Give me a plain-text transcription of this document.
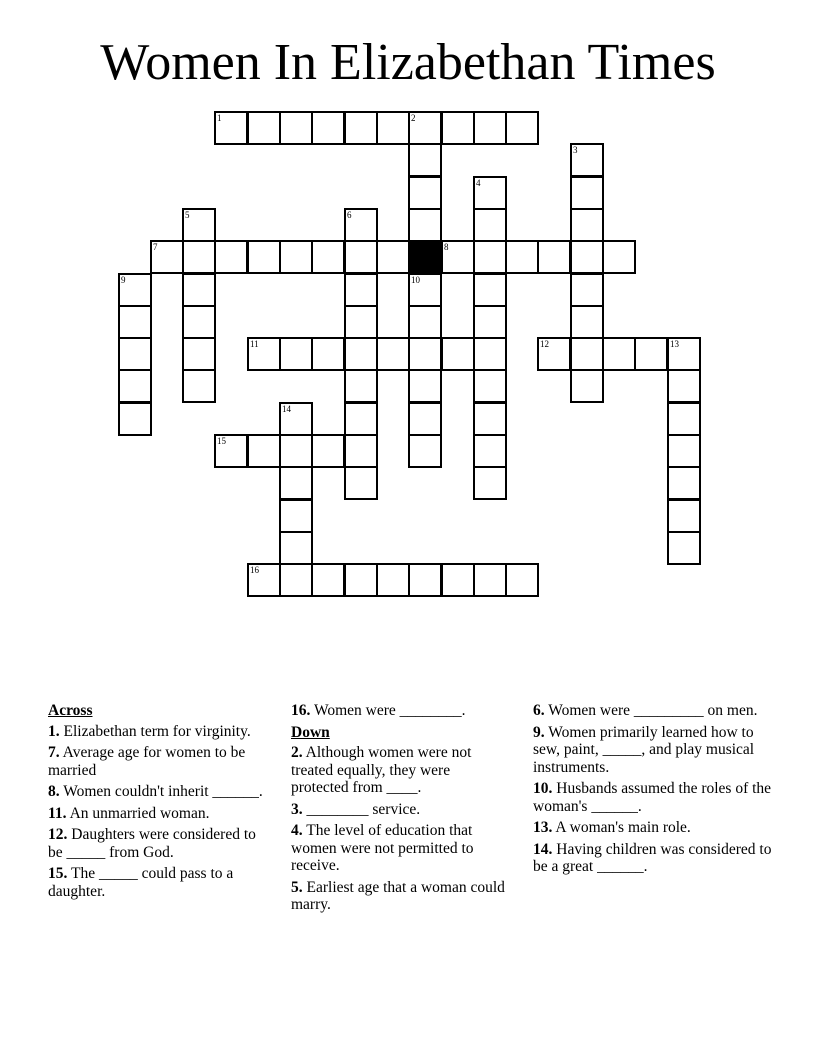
Women In Elizabethan Times
1	2
3
4
5	6
7	8
9	10
11	12	13
14
15
16
Across
1. Elizabethan term for virginity.
7. Average age for women to be married
8. Women couldn't inherit ______.
11. An unmarried woman.
12. Daughters were considered to be _____ from God.
15. The _____ could pass to a daughter.
16. Women were ________.
Down
2. Although women were not treated equally, they were protected from ____.
3. ________ service.
4. The level of education that women were not permitted to receive.
5. Earliest age that a woman could marry.
6. Women were _________ on men.
9. Women primarily learned how to sew, paint, _____, and play musical instruments.
10. Husbands assumed the roles of the woman's ______.
13. A woman's main role.
14. Having children was considered to be a great ______.
